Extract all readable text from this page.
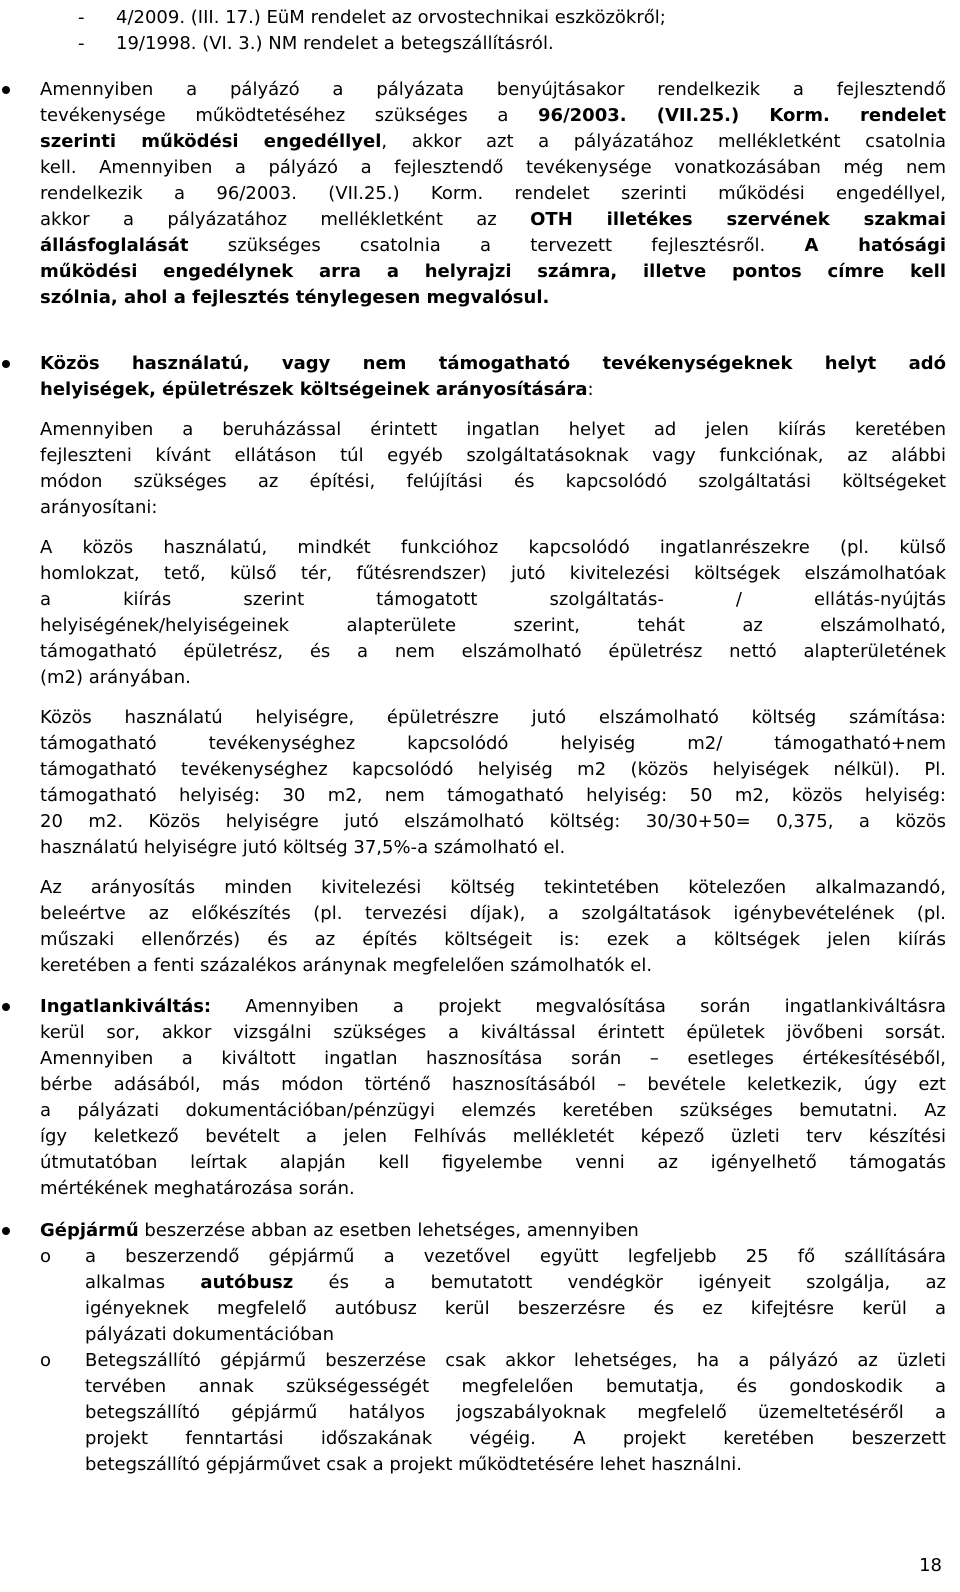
- 4/2009. (III. 17.) EüM rendelet az orvostechnikai eszközökről;
- 19/1998. (VI. 3.) NM rendelet a betegszállításról.
Amennyiben a pályázó a pályázata benyújtásakor rendelkezik a fejlesztendő
tevékenysége működtetéséhez szükséges a 96/2003. (VII.25.) Korm. rendelet
szerinti működési engedéllyel, akkor azt a pályázatához mellékletként csatolnia
kell. Amennyiben a pályázó a fejlesztendő tevékenysége vonatkozásában még nem
rendelkezik a 96/2003. (VII.25.) Korm. rendelet szerinti működési engedéllyel,
akkor a pályázatához mellékletként az OTH illetékes szervének szakmai
állásfoglalását szükséges csatolnia a tervezett fejlesztésről. A hatósági
működési engedélynek arra a helyrajzi számra, illetve pontos címre kell
szólnia, ahol a fejlesztés ténylegesen megvalósul.
Közös használatú, vagy nem támogatható tevékenységeknek helyt adó
helyiségek, épületrészek költségeinek arányosítására:
Amennyiben a beruházással érintett ingatlan helyet ad jelen kiírás keretében
fejleszteni kívánt ellátáson túl egyéb szolgáltatásoknak vagy funkciónak, az alábbi
módon szükséges az építési, felújítási és kapcsolódó szolgáltatási költségeket
arányosítani:
A közös használatú, mindkét funkcióhoz kapcsolódó ingatlanrészekre (pl. külső
homlokzat, tető, külső tér, fűtésrendszer) jutó kivitelezési költségek elszámolhatóak
a kiírás szerint támogatott szolgáltatás- / ellátás-nyújtás
helyiségének/helyiségeinek alapterülete szerint, tehát az elszámolható,
támogatható épületrész, és a nem elszámolható épületrész nettó alapterületének
(m2) arányában.
Közös használatú helyiségre, épületrészre jutó elszámolható költség számítása:
támogatható tevékenységhez kapcsolódó helyiség m2/ támogatható+nem
támogatható tevékenységhez kapcsolódó helyiség m2 (közös helyiségek nélkül). Pl.
támogatható helyiség: 30 m2, nem támogatható helyiség: 50 m2, közös helyiség:
20 m2. Közös helyiségre jutó elszámolható költség: 30/30+50= 0,375, a közös
használatú helyiségre jutó költség 37,5%-a számolható el.
Az arányosítás minden kivitelezési költség tekintetében kötelezően alkalmazandó,
beleértve az előkészítés (pl. tervezési díjak), a szolgáltatások igénybevételének (pl.
műszaki ellenőrzés) és az építés költségeit is: ezek a költségek jelen kiírás
keretében a fenti százalékos aránynak megfelelően számolhatók el.
Ingatlankiváltás: Amennyiben a projekt megvalósítása során ingatlankiváltásra
kerül sor, akkor vizsgálni szükséges a kiváltással érintett épületek jövőbeni sorsát.
Amennyiben a kiváltott ingatlan hasznosítása során – esetleges értékesítéséből,
bérbe adásából, más módon történő hasznosításából – bevétele keletkezik, úgy ezt
a pályázati dokumentációban/pénzügyi elemzés keretében szükséges bemutatni. Az
így keletkező bevételt a jelen Felhívás mellékletét képező üzleti terv készítési
útmutatóban leírtak alapján kell figyelembe venni az igényelhető támogatás
mértékének meghatározása során.
Gépjármű beszerzése abban az esetben lehetséges, amennyiben
o a beszerzendő gépjármű a vezetővel együtt legfeljebb 25 fő szállítására
alkalmas autóbusz és a bemutatott vendégkör igényeit szolgálja, az
igényeknek megfelelő autóbusz kerül beszerzésre és ez kifejtésre kerül a
pályázati dokumentációban
o Betegszállító gépjármű beszerzése csak akkor lehetséges, ha a pályázó az üzleti
tervében annak szükségességét megfelelően bemutatja, és gondoskodik a
betegszállító gépjármű hatályos jogszabályoknak megfelelő üzemeltetéséről a
projekt fenntartási időszakának végéig. A projekt keretében beszerzett
betegszállító gépjárművet csak a projekt működtetésére lehet használni.
18
